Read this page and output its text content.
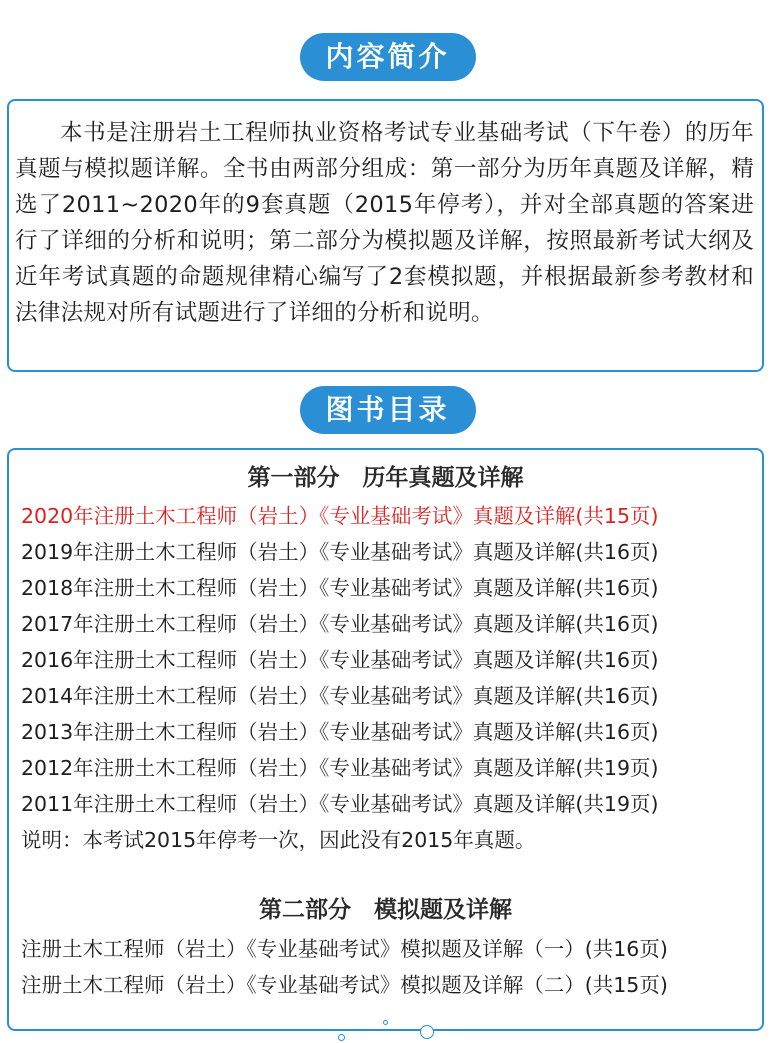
内容简介

本书是注册岩土工程师执业资格考试专业基础考试（下午卷）的历年真题与模拟题详解。全书由两部分组成：第一部分为历年真题及详解，精选了2011~2020年的9套真题（2015年停考），并对全部真题的答案进行了详细的分析和说明；第二部分为模拟题及详解，按照最新考试大纲及近年考试真题的命题规律精心编写了2套模拟题，并根据最新参考教材和法律法规对所有试题进行了详细的分析和说明。

图书目录
第一部分　历年真题及详解
2020年注册土木工程师（岩土）《专业基础考试》真题及详解(共15页)
2019年注册土木工程师（岩土）《专业基础考试》真题及详解(共16页)
2018年注册土木工程师（岩土）《专业基础考试》真题及详解(共16页)
2017年注册土木工程师（岩土）《专业基础考试》真题及详解(共16页)
2016年注册土木工程师（岩土）《专业基础考试》真题及详解(共16页)
2014年注册土木工程师（岩土）《专业基础考试》真题及详解(共16页)
2013年注册土木工程师（岩土）《专业基础考试》真题及详解(共16页)
2012年注册土木工程师（岩土）《专业基础考试》真题及详解(共19页)
2011年注册土木工程师（岩土）《专业基础考试》真题及详解(共19页)
说明：本考试2015年停考一次，因此没有2015年真题。
第二部分　模拟题及详解
注册土木工程师（岩土）《专业基础考试》模拟题及详解（一）(共16页)
注册土木工程师（岩土）《专业基础考试》模拟题及详解（二）(共15页)
